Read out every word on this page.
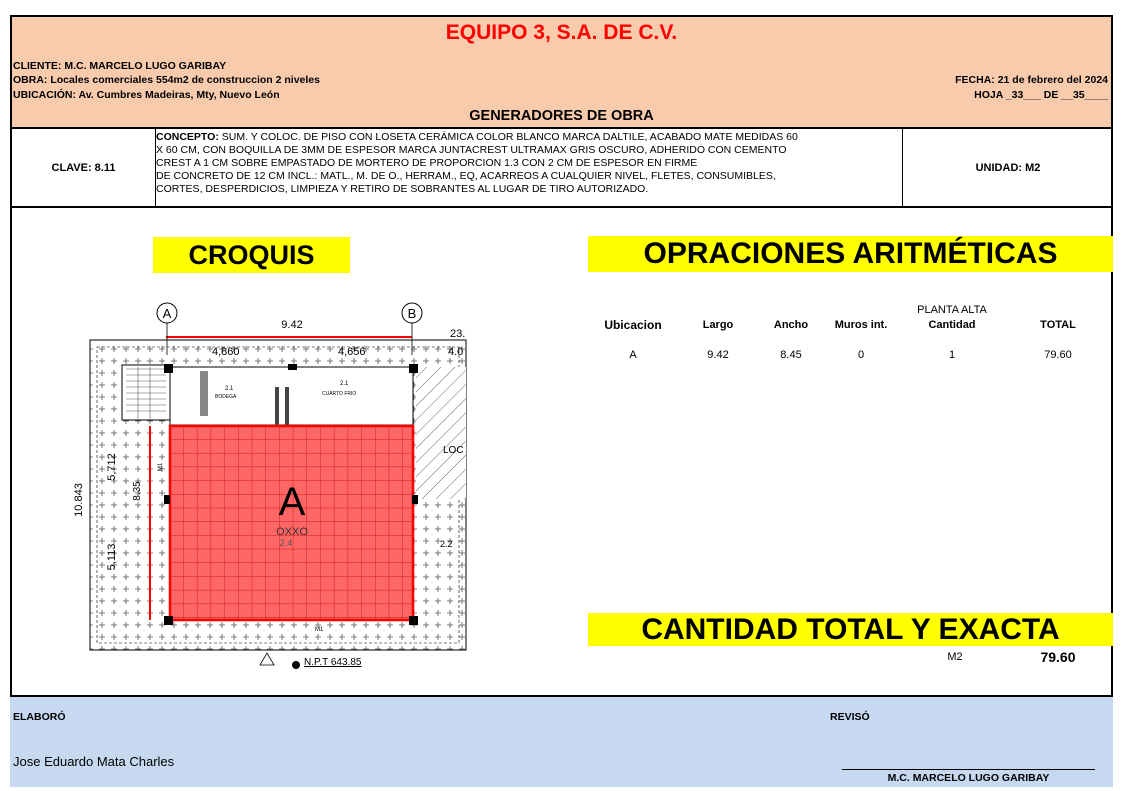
EQUIPO 3, S.A. DE C.V.
CLIENTE: M.C. MARCELO LUGO GARIBAY
OBRA: Locales comerciales 554m2 de construccion 2 niveles
UBICACIÓN: Av. Cumbres Madeiras, Mty, Nuevo León
FECHA: 21 de febrero del 2024
HOJA _33___ DE __35____
GENERADORES DE OBRA
CLAVE: 8.11
CONCEPTO: SUM. Y COLOC. DE PISO CON LOSETA CERÁMICA COLOR BLANCO MARCA DALTILE, ACABADO MATE MEDIDAS 60
X 60 CM, CON BOQUILLA DE 3MM DE ESPESOR MARCA JUNTACREST ULTRAMAX GRIS OSCURO, ADHERIDO CON CEMENTO
CREST A 1 CM SOBRE EMPASTADO DE MORTERO DE PROPORCION 1.3 CON 2 CM DE ESPESOR EN FIRME
DE CONCRETO DE 12 CM INCL.: MATL., M. DE O., HERRAM., EQ, ACARREOS A CUALQUIER NIVEL, FLETES, CONSUMIBLES,
CORTES, DESPERDICIOS, LIMPIEZA Y RETIRO DE SOBRANTES AL LUGAR DE TIRO AUTORIZADO.
UNIDAD: M2
CROQUIS	OPRACIONES ARITMÉTICAS
BODEGA	CUARTO FRIO
2.1
2.1
A
OXXO
2.4
A	B
9.42
23.
4,860	4,656	4.0
LOC
2.2
10.843
5,712
5,113
8.35
M1
M1
N.P.T 643.85
PLANTA ALTA
Ubicacion	Largo	Ancho	Muros int.	Cantidad	TOTAL
A	9.42	8.45	0	1	79.60
CANTIDAD TOTAL Y EXACTA
M2	79.60
ELABORÓ
Jose Eduardo Mata Charles
REVISÓ
M.C. MARCELO LUGO GARIBAY
